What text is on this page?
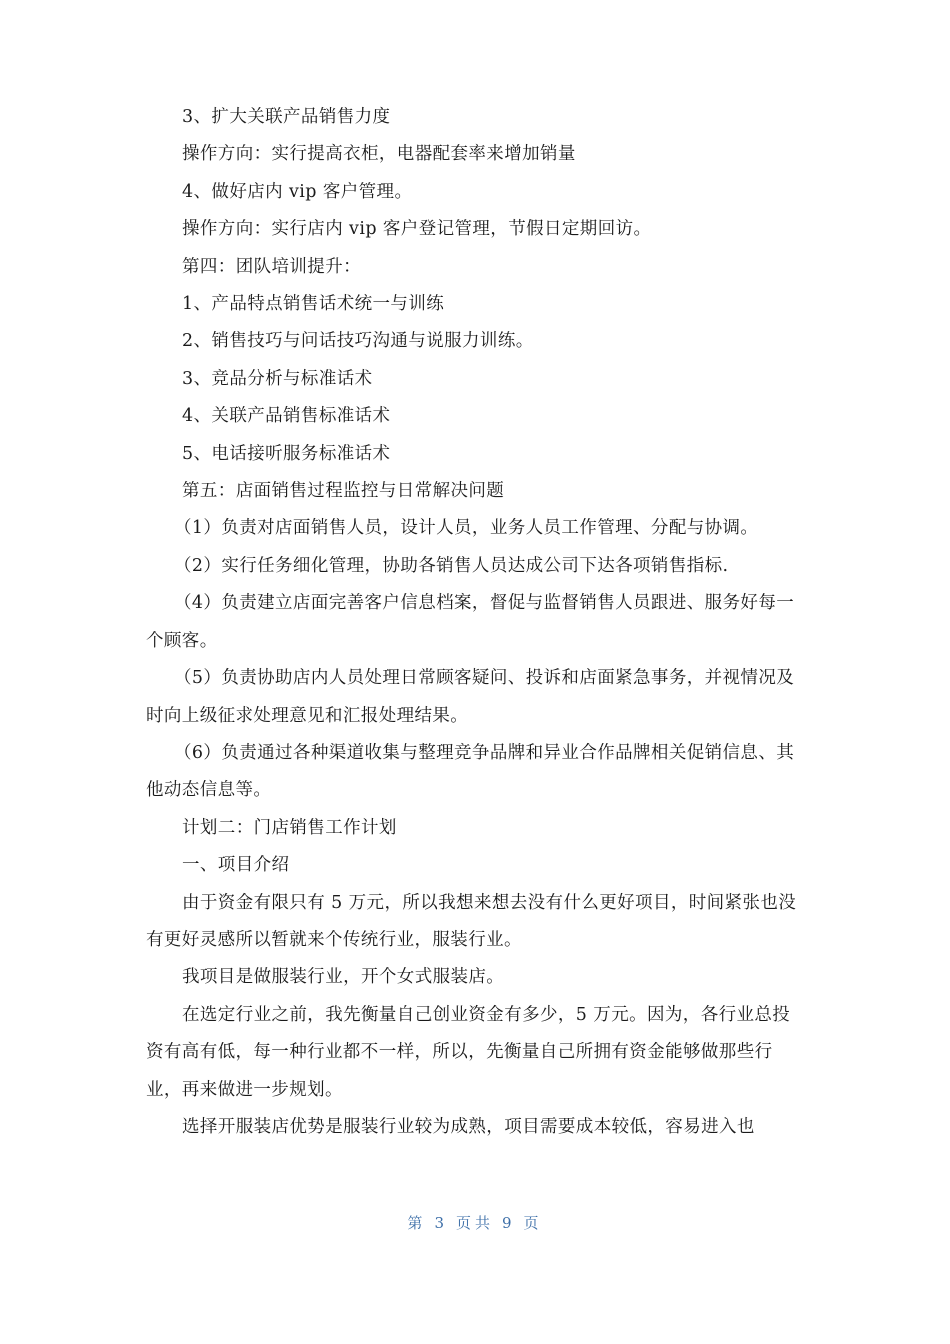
3、扩大关联产品销售力度

操作方向：实行提高衣柜，电器配套率来增加销量

4、做好店内 vip 客户管理。

操作方向：实行店内 vip 客户登记管理，节假日定期回访。

第四：团队培训提升：

1、产品特点销售话术统一与训练

2、销售技巧与问话技巧沟通与说服力训练。

3、竞品分析与标准话术

4、关联产品销售标准话术

5、电话接听服务标准话术

第五：店面销售过程监控与日常解决问题

（1）负责对店面销售人员，设计人员，业务人员工作管理、分配与协调。

（2）实行任务细化管理，协助各销售人员达成公司下达各项销售指标.

（4）负责建立店面完善客户信息档案，督促与监督销售人员跟进、服务好每一个顾客。

（5）负责协助店内人员处理日常顾客疑问、投诉和店面紧急事务，并视情况及时向上级征求处理意见和汇报处理结果。

（6）负责通过各种渠道收集与整理竞争品牌和异业合作品牌相关促销信息、其他动态信息等。

计划二：门店销售工作计划

一、项目介绍

由于资金有限只有 5 万元，所以我想来想去没有什么更好项目，时间紧张也没有更好灵感所以暂就来个传统行业，服装行业。

我项目是做服装行业，开个女式服装店。

在选定行业之前，我先衡量自己创业资金有多少，5 万元。因为，各行业总投资有高有低，每一种行业都不一样，所以，先衡量自己所拥有资金能够做那些行业，再来做进一步规划。

选择开服装店优势是服装行业较为成熟，项目需要成本较低，容易进入也

第 3 页共 9 页
